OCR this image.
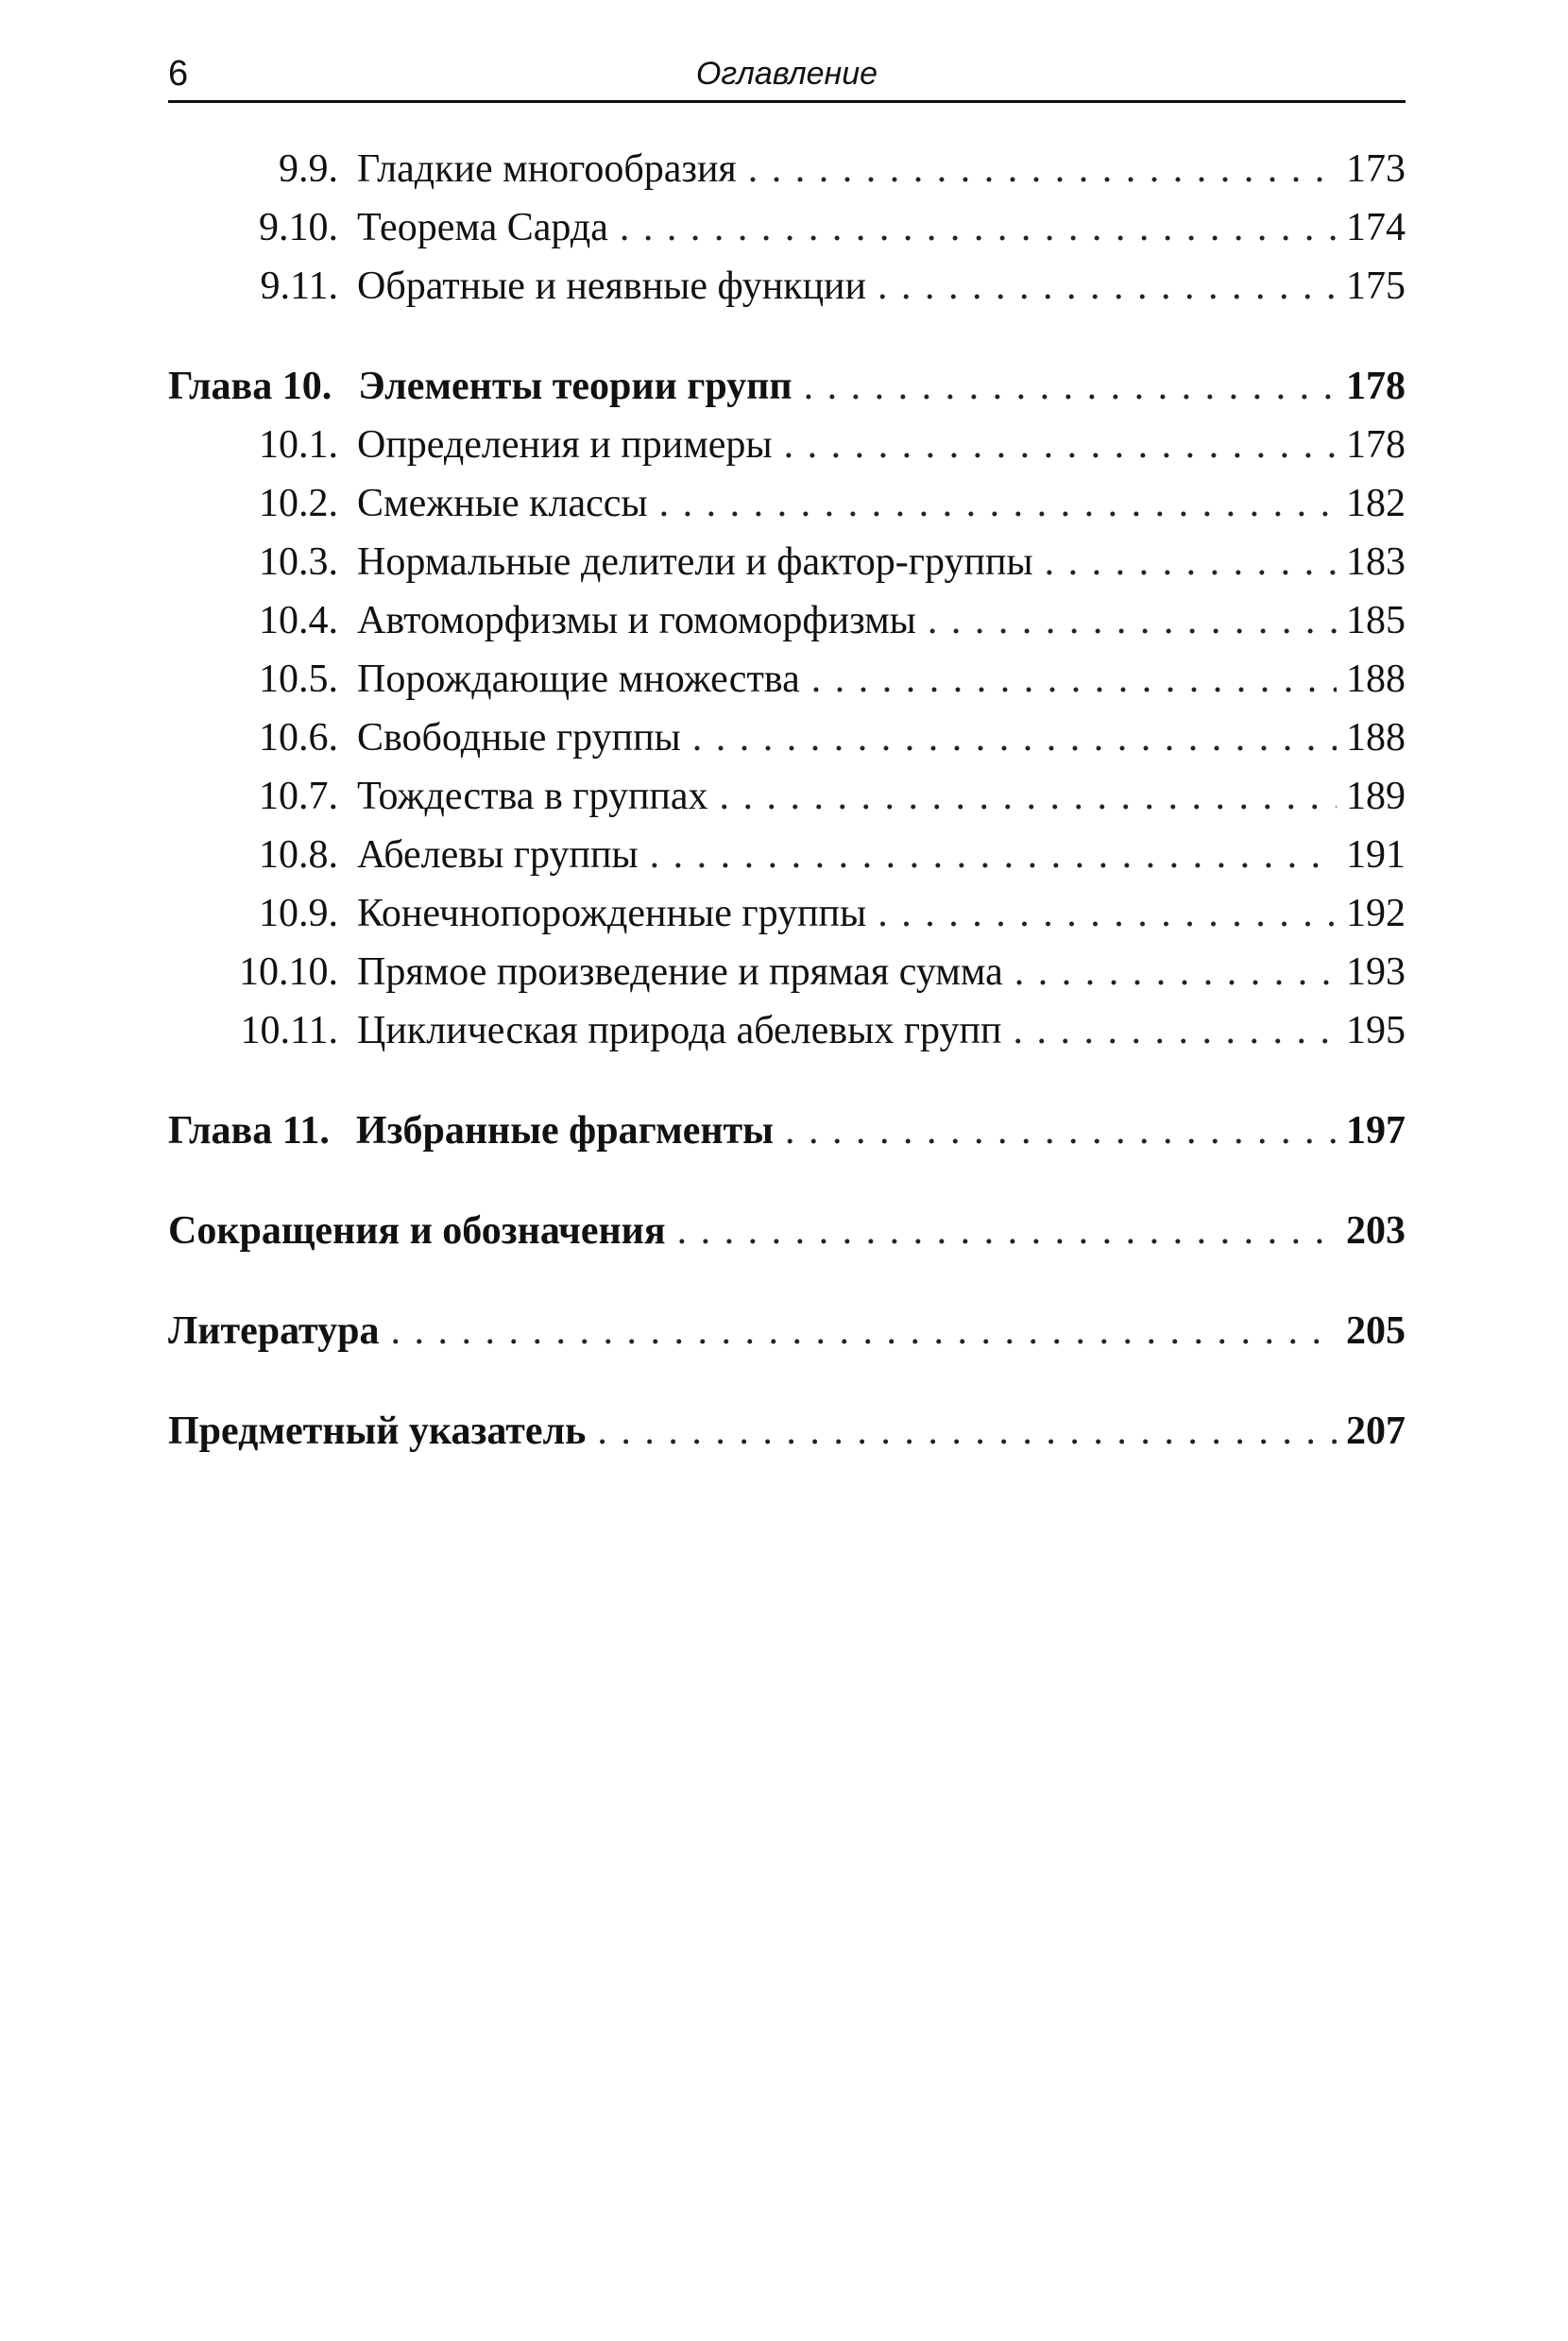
6	Оглавление
9.9. Гладкие многообразия . . .	173
9.10. Теорема Сарда . . .	174
9.11. Обратные и неявные функции . . .	175
Глава 10. Элементы теории групп . . .	178
10.1. Определения и примеры . . .	178
10.2. Смежные классы . . .	182
10.3. Нормальные делители и фактор-группы . . .	183
10.4. Автоморфизмы и гомоморфизмы . . .	185
10.5. Порождающие множества . . .	188
10.6. Свободные группы . . .	188
10.7. Тождества в группах . . .	189
10.8. Абелевы группы . . .	191
10.9. Конечнопорожденные группы . . .	192
10.10. Прямое произведение и прямая сумма . . .	193
10.11. Циклическая природа абелевых групп . . .	195
Глава 11. Избранные фрагменты . . .	197
Сокращения и обозначения . . .	203
Литература . . .	205
Предметный указатель . . .	207
